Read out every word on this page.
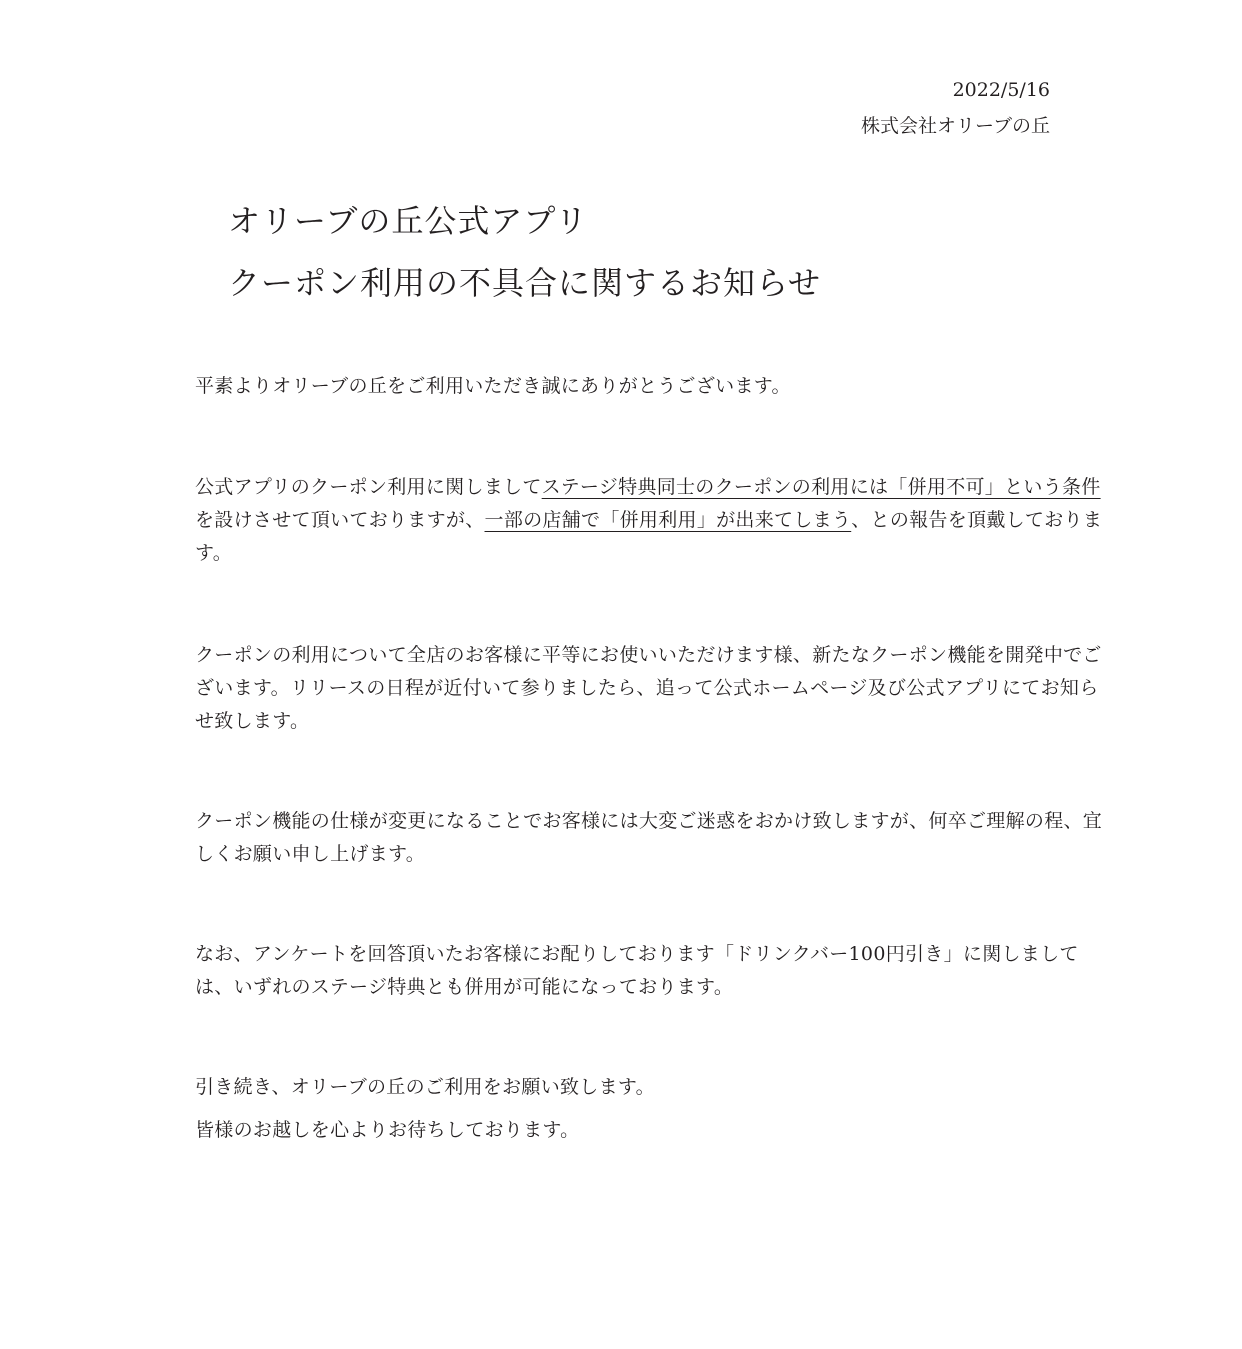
2022/5/16
株式会社オリーブの丘
オリーブの丘公式アプリ
クーポン利用の不具合に関するお知らせ
平素よりオリーブの丘をご利用いただき誠にありがとうございます。
公式アプリのクーポン利用に関しましてステージ特典同士のクーポンの利用には「併用不可」という条件を設けさせて頂いておりますが、一部の店舗で「併用利用」が出来てしまう、との報告を頂戴しております。
クーポンの利用について全店のお客様に平等にお使いいただけます様、新たなクーポン機能を開発中でございます。リリースの日程が近付いて参りましたら、追って公式ホームページ及び公式アプリにてお知らせ致します。
クーポン機能の仕様が変更になることでお客様には大変ご迷惑をおかけ致しますが、何卒ご理解の程、宜しくお願い申し上げます。
なお、アンケートを回答頂いたお客様にお配りしております「ドリンクバー100円引き」に関しましては、いずれのステージ特典とも併用が可能になっております。
引き続き、オリーブの丘のご利用をお願い致します。
皆様のお越しを心よりお待ちしております。
